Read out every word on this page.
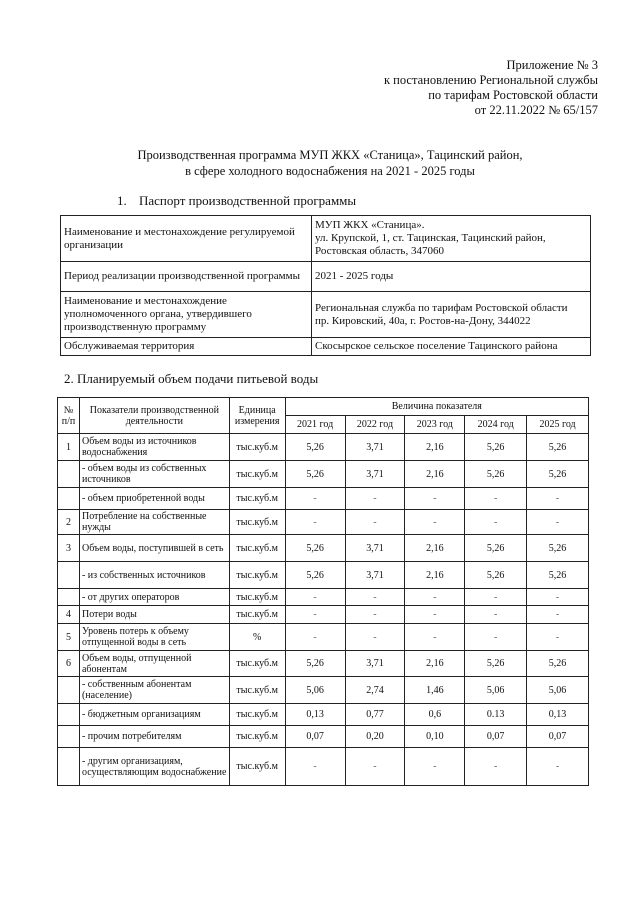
Приложение № 3
к постановлению Региональной службы
по тарифам Ростовской области
от 22.11.2022 № 65/157
Производственная программа МУП ЖКХ «Станица», Тацинский район,
в сфере холодного водоснабжения на 2021 - 2025 годы
1. Паспорт производственной программы
Наименование и местонахождение регулируемой организации	МУП ЖКХ «Станица».
ул. Крупской, 1, ст. Тацинская, Тацинский район,
Ростовская область, 347060

Период реализации производственной программы	2021 - 2025 годы

Наименование и местонахождение уполномоченного органа, утвердившего производственную программу	Региональная служба по тарифам Ростовской области
пр. Кировский, 40а, г. Ростов-на-Дону, 344022

Обслуживаемая территория	Скосырское сельское поселение Тацинского района
2. Планируемый объем подачи питьевой воды
№ п/п	Показатели производственной деятельности	Единица измерения	Величина показателя				
			2021 год	2022 год	2023 год	2024 год	2025 год
1	Объем воды из источников водоснабжения	тыс.куб.м	5,26	3,71	2,16	5,26	5,26
	- объем воды из собственных источников	тыс.куб.м	5,26	3,71	2,16	5,26	5,26
	- объем приобретенной воды	тыс.куб.м	-	-	-	-	-
2	Потребление на собственные нужды	тыс.куб.м	-	-	-	-	-
3	Объем воды, поступившей в сеть	тыс.куб.м	5,26	3,71	2,16	5,26	5,26
	- из собственных источников	тыс.куб.м	5,26	3,71	2,16	5,26	5,26
	- от других операторов	тыс.куб.м	-	-	-	-	-
4	Потери воды	тыс.куб.м	-	-	-	-	-
5	Уровень потерь к объему отпущенной воды в сеть	%	-	-	-	-	-
6	Объем воды, отпущенной абонентам	тыс.куб.м	5,26	3,71	2,16	5,26	5,26
	- собственным абонентам (население)	тыс.куб.м	5,06	2,74	1,46	5,06	5,06
	- бюджетным организациям	тыс.куб.м	0,13	0,77	0,6	0.13	0,13
	- прочим потребителям	тыс.куб.м	0,07	0,20	0,10	0,07	0,07
	- другим организациям, осуществляющим водоснабжение	тыс.куб.м	-	-	-	-	-
